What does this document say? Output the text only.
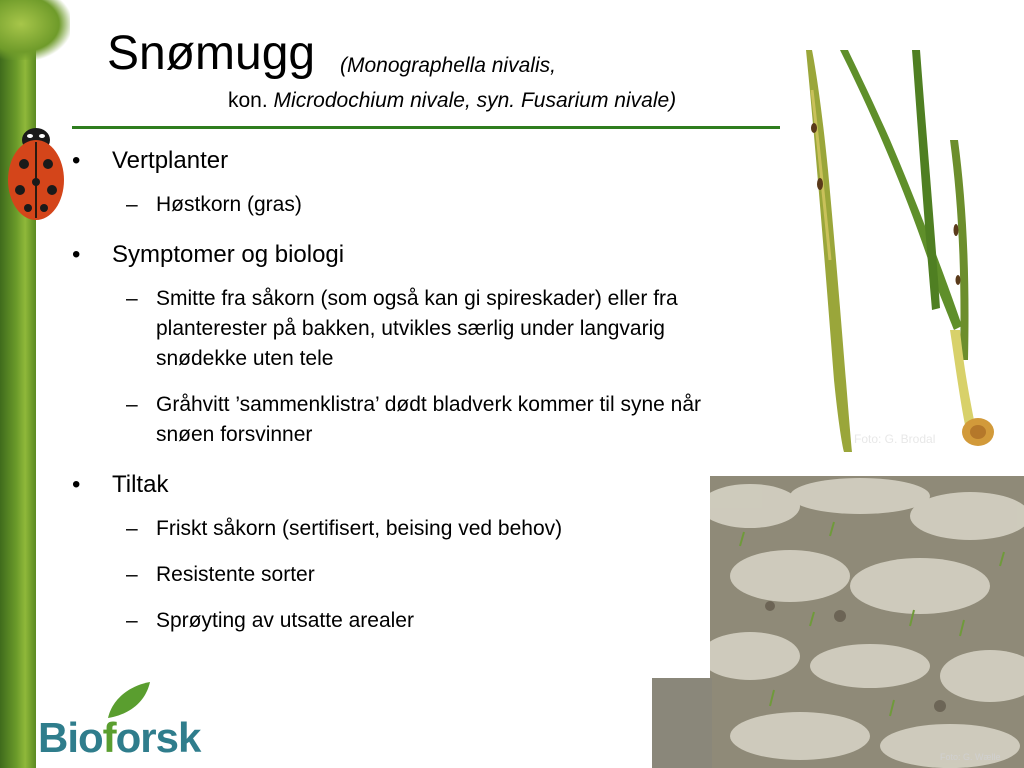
Snømugg (Monographella nivalis,
kon. Microdochium nivale, syn. Fusarium nivale)
• Vertplanter
– Høstkorn (gras)
• Symptomer og biologi
– Smitte fra såkorn (som også kan gi spireskader) eller fra planterester på bakken, utvikles særlig under langvarig snødekke uten tele
– Gråhvitt ’sammenklistra’ dødt bladverk kommer til syne når snøen forsvinner
• Tiltak
– Friskt såkorn (sertifisert, beising ved behov)
– Resistente sorter
– Sprøyting av utsatte arealer
Foto: G. Brodal
Foto: G. Wælle
Bioforsk
